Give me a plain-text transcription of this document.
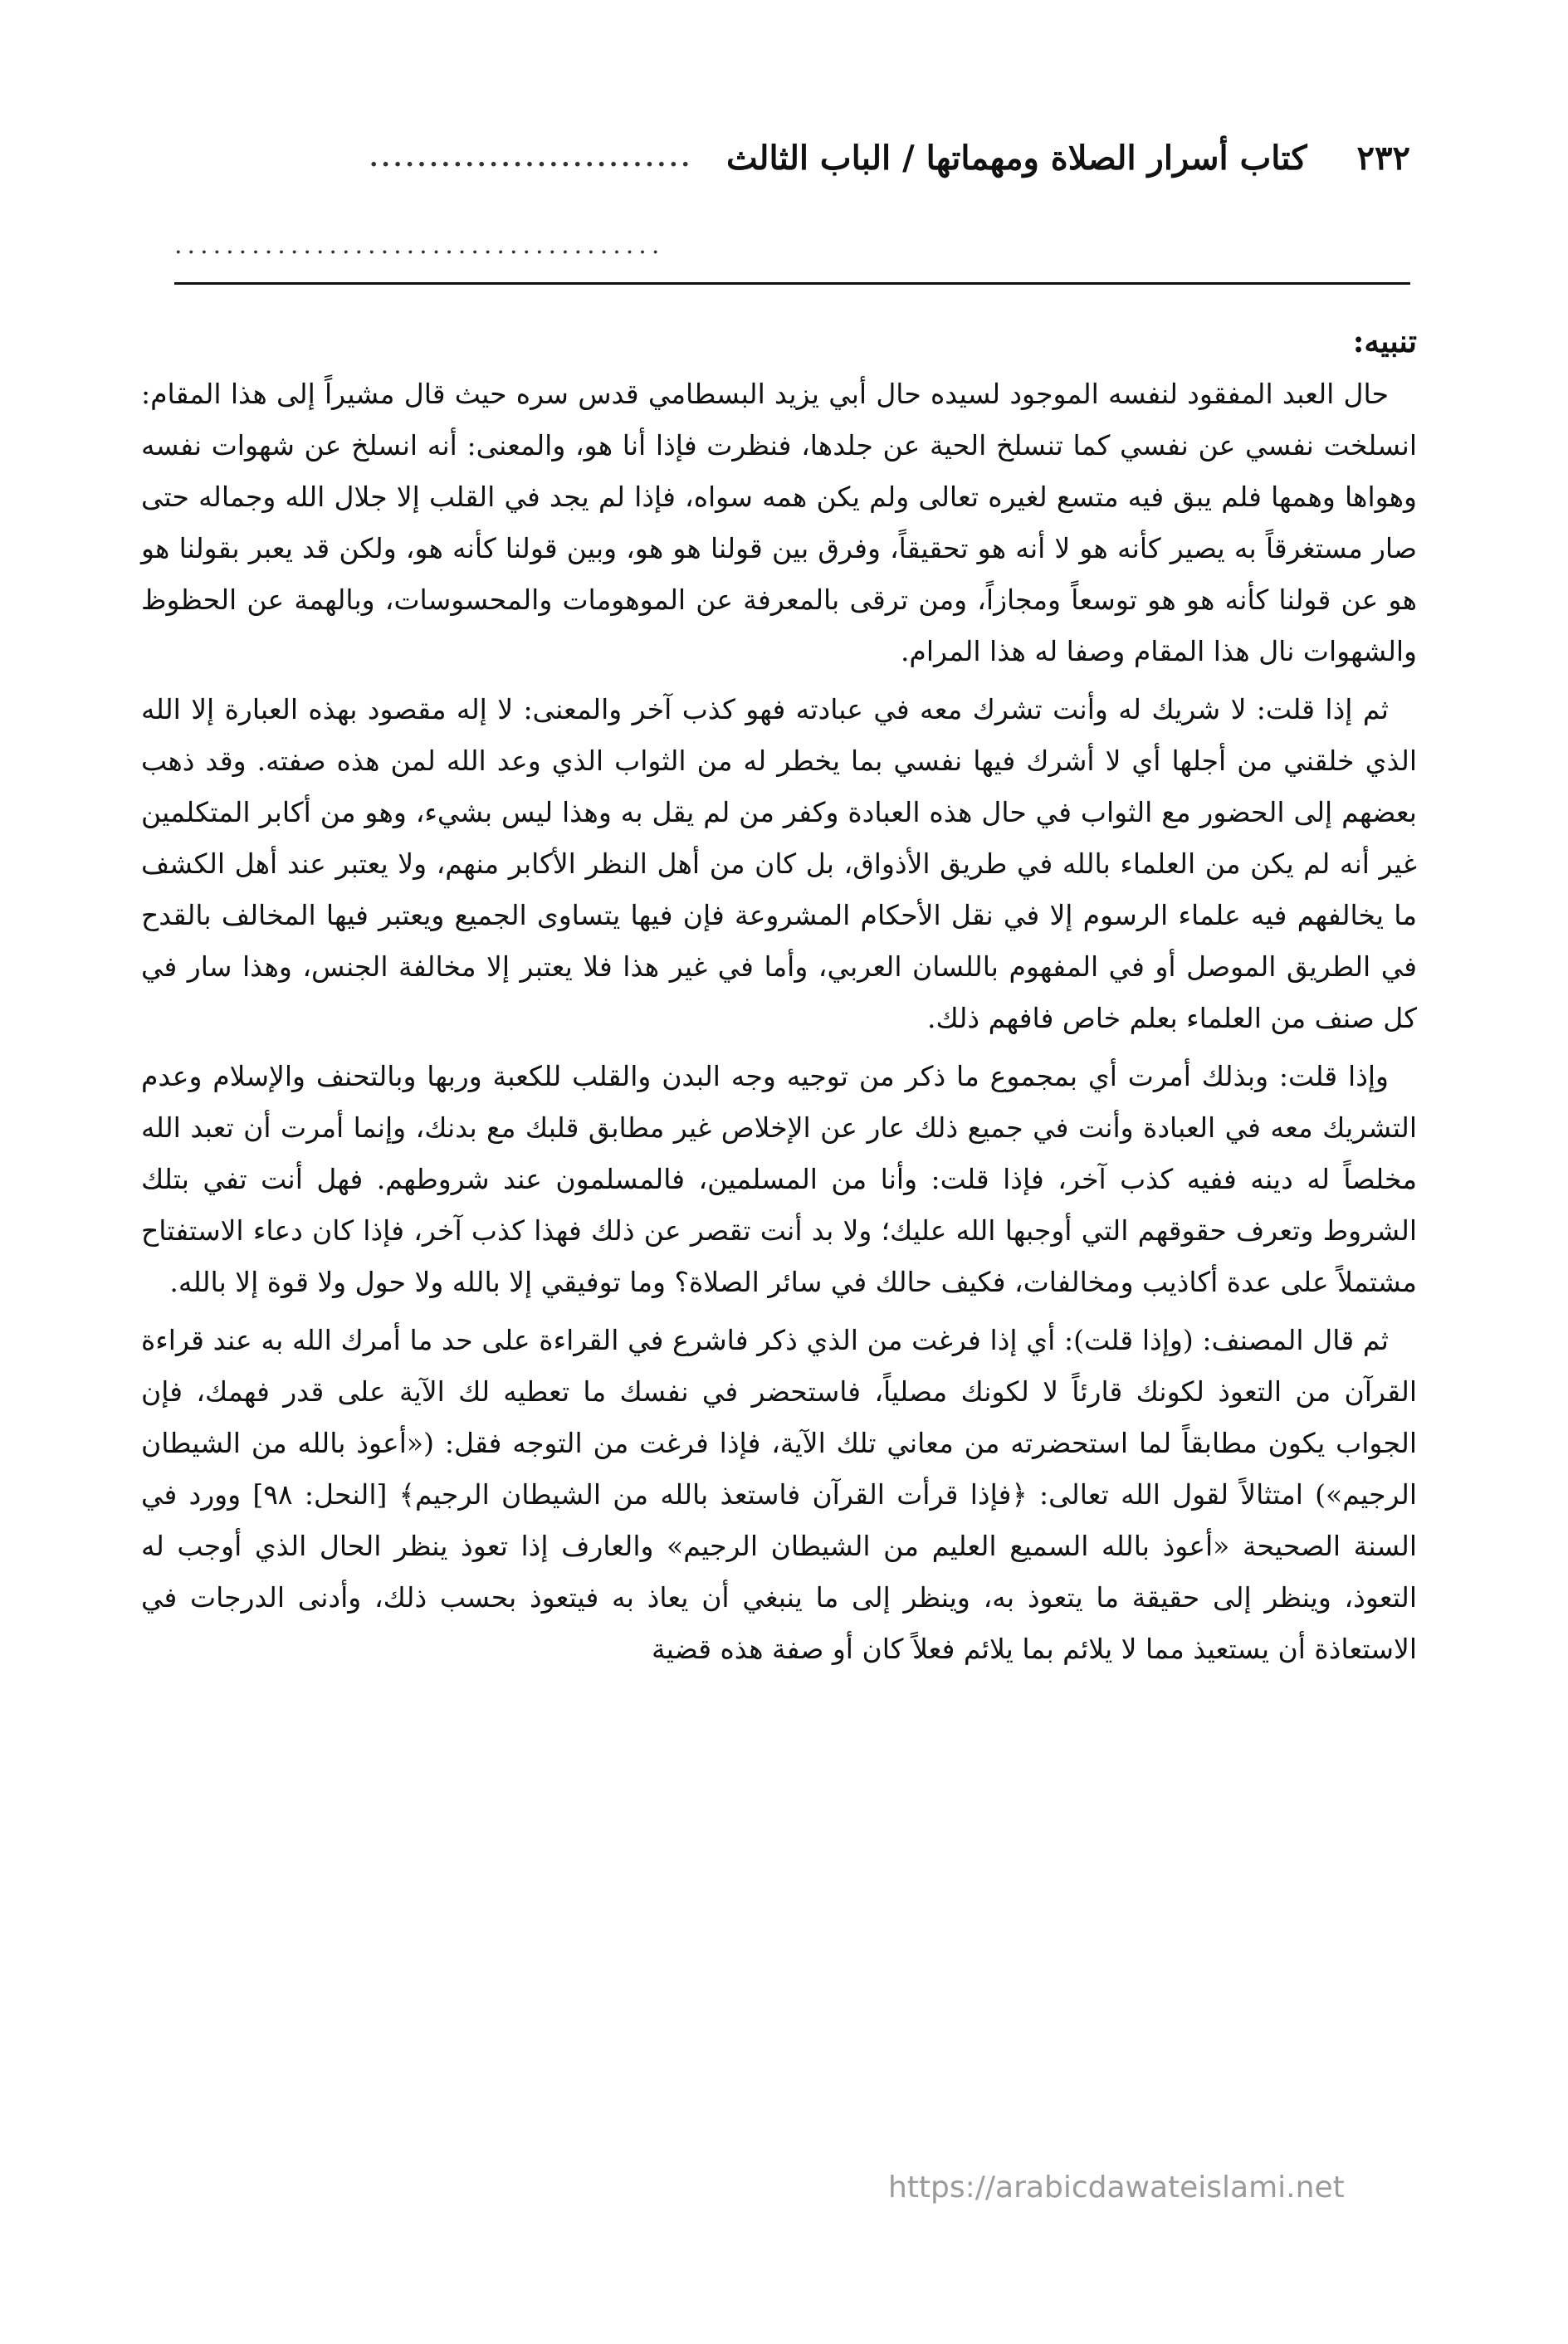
٢٣٢
كتاب أسرار الصلاة ومهماتها / الباب الثالث
...........................
......................................
تنبيه:

حال العبد المفقود لنفسه الموجود لسيده حال أبي يزيد البسطامي قدس سره حيث قال مشيراً إلى هذا المقام: انسلخت نفسي عن نفسي كما تنسلخ الحية عن جلدها، فنظرت فإذا أنا هو، والمعنى: أنه انسلخ عن شهوات نفسه وهواها وهمها فلم يبق فيه متسع لغيره تعالى ولم يكن همه سواه، فإذا لم يجد في القلب إلا جلال الله وجماله حتى صار مستغرقاً به يصير كأنه هو لا أنه هو تحقيقاً، وفرق بين قولنا هو هو، وبين قولنا كأنه هو، ولكن قد يعبر بقولنا هو هو عن قولنا كأنه هو هو توسعاً ومجازاً، ومن ترقى بالمعرفة عن الموهومات والمحسوسات، وبالهمة عن الحظوظ والشهوات نال هذا المقام وصفا له هذا المرام.

ثم إذا قلت: لا شريك له وأنت تشرك معه في عبادته فهو كذب آخر والمعنى: لا إله مقصود بهذه العبارة إلا الله الذي خلقني من أجلها أي لا أشرك فيها نفسي بما يخطر له من الثواب الذي وعد الله لمن هذه صفته. وقد ذهب بعضهم إلى الحضور مع الثواب في حال هذه العبادة وكفر من لم يقل به وهذا ليس بشيء، وهو من أكابر المتكلمين غير أنه لم يكن من العلماء بالله في طريق الأذواق، بل كان من أهل النظر الأكابر منهم، ولا يعتبر عند أهل الكشف ما يخالفهم فيه علماء الرسوم إلا في نقل الأحكام المشروعة فإن فيها يتساوى الجميع ويعتبر فيها المخالف بالقدح في الطريق الموصل أو في المفهوم باللسان العربي، وأما في غير هذا فلا يعتبر إلا مخالفة الجنس، وهذا سار في كل صنف من العلماء بعلم خاص فافهم ذلك.

وإذا قلت: وبذلك أمرت أي بمجموع ما ذكر من توجيه وجه البدن والقلب للكعبة وربها وبالتحنف والإسلام وعدم التشريك معه في العبادة وأنت في جميع ذلك عار عن الإخلاص غير مطابق قلبك مع بدنك، وإنما أمرت أن تعبد الله مخلصاً له دينه ففيه كذب آخر، فإذا قلت: وأنا من المسلمين، فالمسلمون عند شروطهم. فهل أنت تفي بتلك الشروط وتعرف حقوقهم التي أوجبها الله عليك؛ ولا بد أنت تقصر عن ذلك فهذا كذب آخر، فإذا كان دعاء الاستفتاح مشتملاً على عدة أكاذيب ومخالفات، فكيف حالك في سائر الصلاة؟ وما توفيقي إلا بالله ولا حول ولا قوة إلا بالله.

ثم قال المصنف: (وإذا قلت): أي إذا فرغت من الذي ذكر فاشرع في القراءة على حد ما أمرك الله به عند قراءة القرآن من التعوذ لكونك قارئاً لا لكونك مصلياً، فاستحضر في نفسك ما تعطيه لك الآية على قدر فهمك، فإن الجواب يكون مطابقاً لما استحضرته من معاني تلك الآية، فإذا فرغت من التوجه فقل: («أعوذ بالله من الشيطان الرجيم») امتثالاً لقول الله تعالى: ﴿فإذا قرأت القرآن فاستعذ بالله من الشيطان الرجيم﴾ [النحل: ٩٨] وورد في السنة الصحيحة «أعوذ بالله السميع العليم من الشيطان الرجيم» والعارف إذا تعوذ ينظر الحال الذي أوجب له التعوذ، وينظر إلى حقيقة ما يتعوذ به، وينظر إلى ما ينبغي أن يعاذ به فيتعوذ بحسب ذلك، وأدنى الدرجات في الاستعاذة أن يستعيذ مما لا يلائم بما يلائم فعلاً كان أو صفة هذه قضية

https://arabicdawateislami.net
